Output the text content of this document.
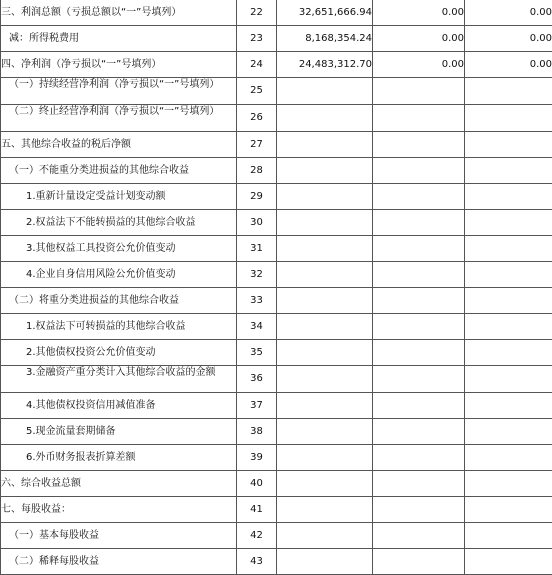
三、利润总额（亏损总额以“一”号填列）	22	32,651,666.94	0.00	0.00
减：所得税费用	23	8,168,354.24	0.00	0.00
四、净利润（净亏损以“一”号填列）	24	24,483,312.70	0.00	0.00
（一）持续经营净利润（净亏损以“一”号填列）	25			
（二）终止经营净利润（净亏损以“一”号填列）	26			
五、其他综合收益的税后净额	27			
（一）不能重分类进损益的其他综合收益	28			
1.重新计量设定受益计划变动额	29			
2.权益法下不能转损益的其他综合收益	30			
3.其他权益工具投资公允价值变动	31			
4.企业自身信用风险公允价值变动	32			
（二）将重分类进损益的其他综合收益	33			
1.权益法下可转损益的其他综合收益	34			
2.其他债权投资公允价值变动	35			
3.金融资产重分类计入其他综合收益的金额	36			
4.其他债权投资信用减值准备	37			
5.现金流量套期储备	38			
6.外币财务报表折算差额	39			
六、综合收益总额	40			
七、每股收益：	41			
（一）基本每股收益	42			
（二）稀释每股收益	43			
